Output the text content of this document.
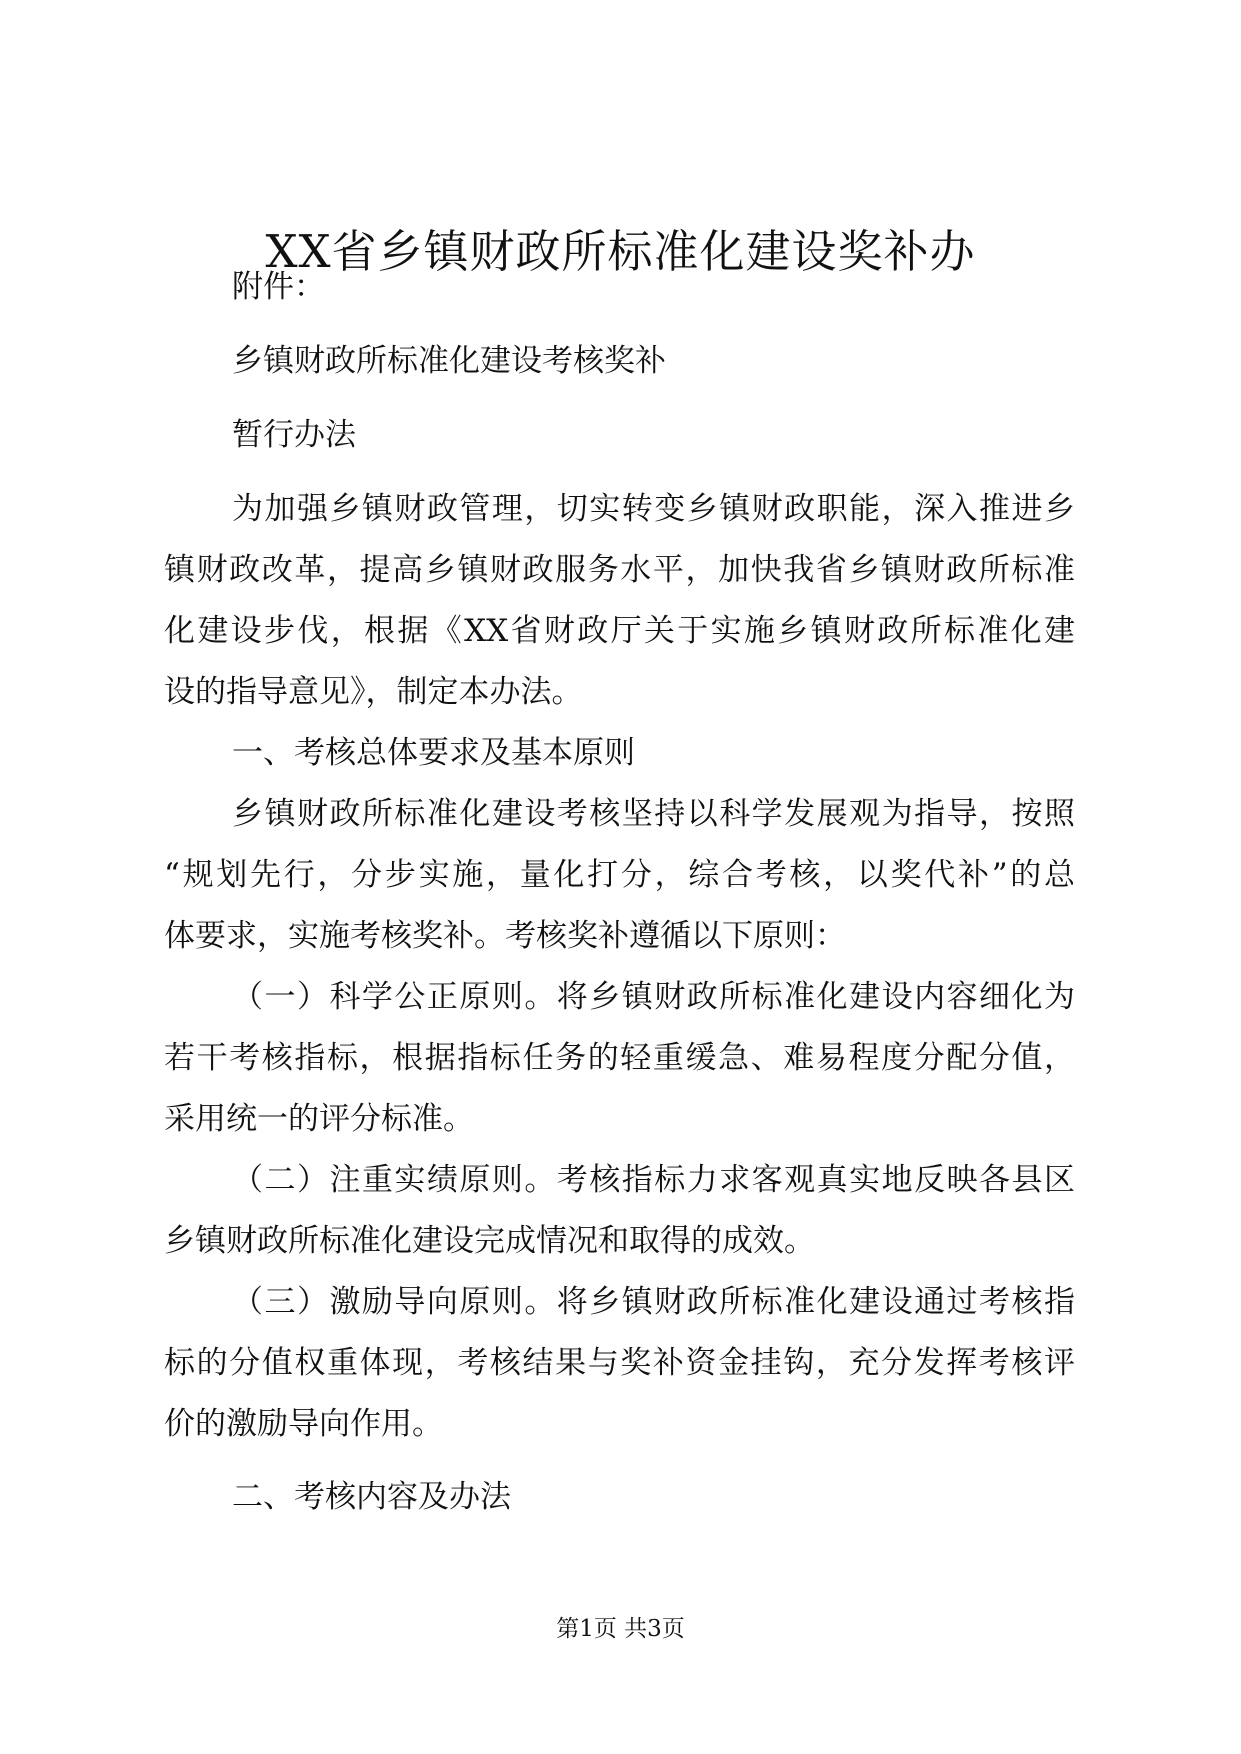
XX省乡镇财政所标准化建设奖补办

附件：

乡镇财政所标准化建设考核奖补

暂行办法

为加强乡镇财政管理，切实转变乡镇财政职能，深入推进乡

镇财政改革，提高乡镇财政服务水平，加快我省乡镇财政所标准

化建设步伐，根据《XX省财政厅关于实施乡镇财政所标准化建

设的指导意见》，制定本办法。

一、考核总体要求及基本原则

乡镇财政所标准化建设考核坚持以科学发展观为指导，按照

“规划先行，分步实施，量化打分，综合考核，以奖代补”的总

体要求，实施考核奖补。考核奖补遵循以下原则：

（一）科学公正原则。将乡镇财政所标准化建设内容细化为

若干考核指标，根据指标任务的轻重缓急、难易程度分配分值，

采用统一的评分标准。

（二）注重实绩原则。考核指标力求客观真实地反映各县区

乡镇财政所标准化建设完成情况和取得的成效。

（三）激励导向原则。将乡镇财政所标准化建设通过考核指

标的分值权重体现，考核结果与奖补资金挂钩，充分发挥考核评

价的激励导向作用。

二、考核内容及办法

第1页 共3页
